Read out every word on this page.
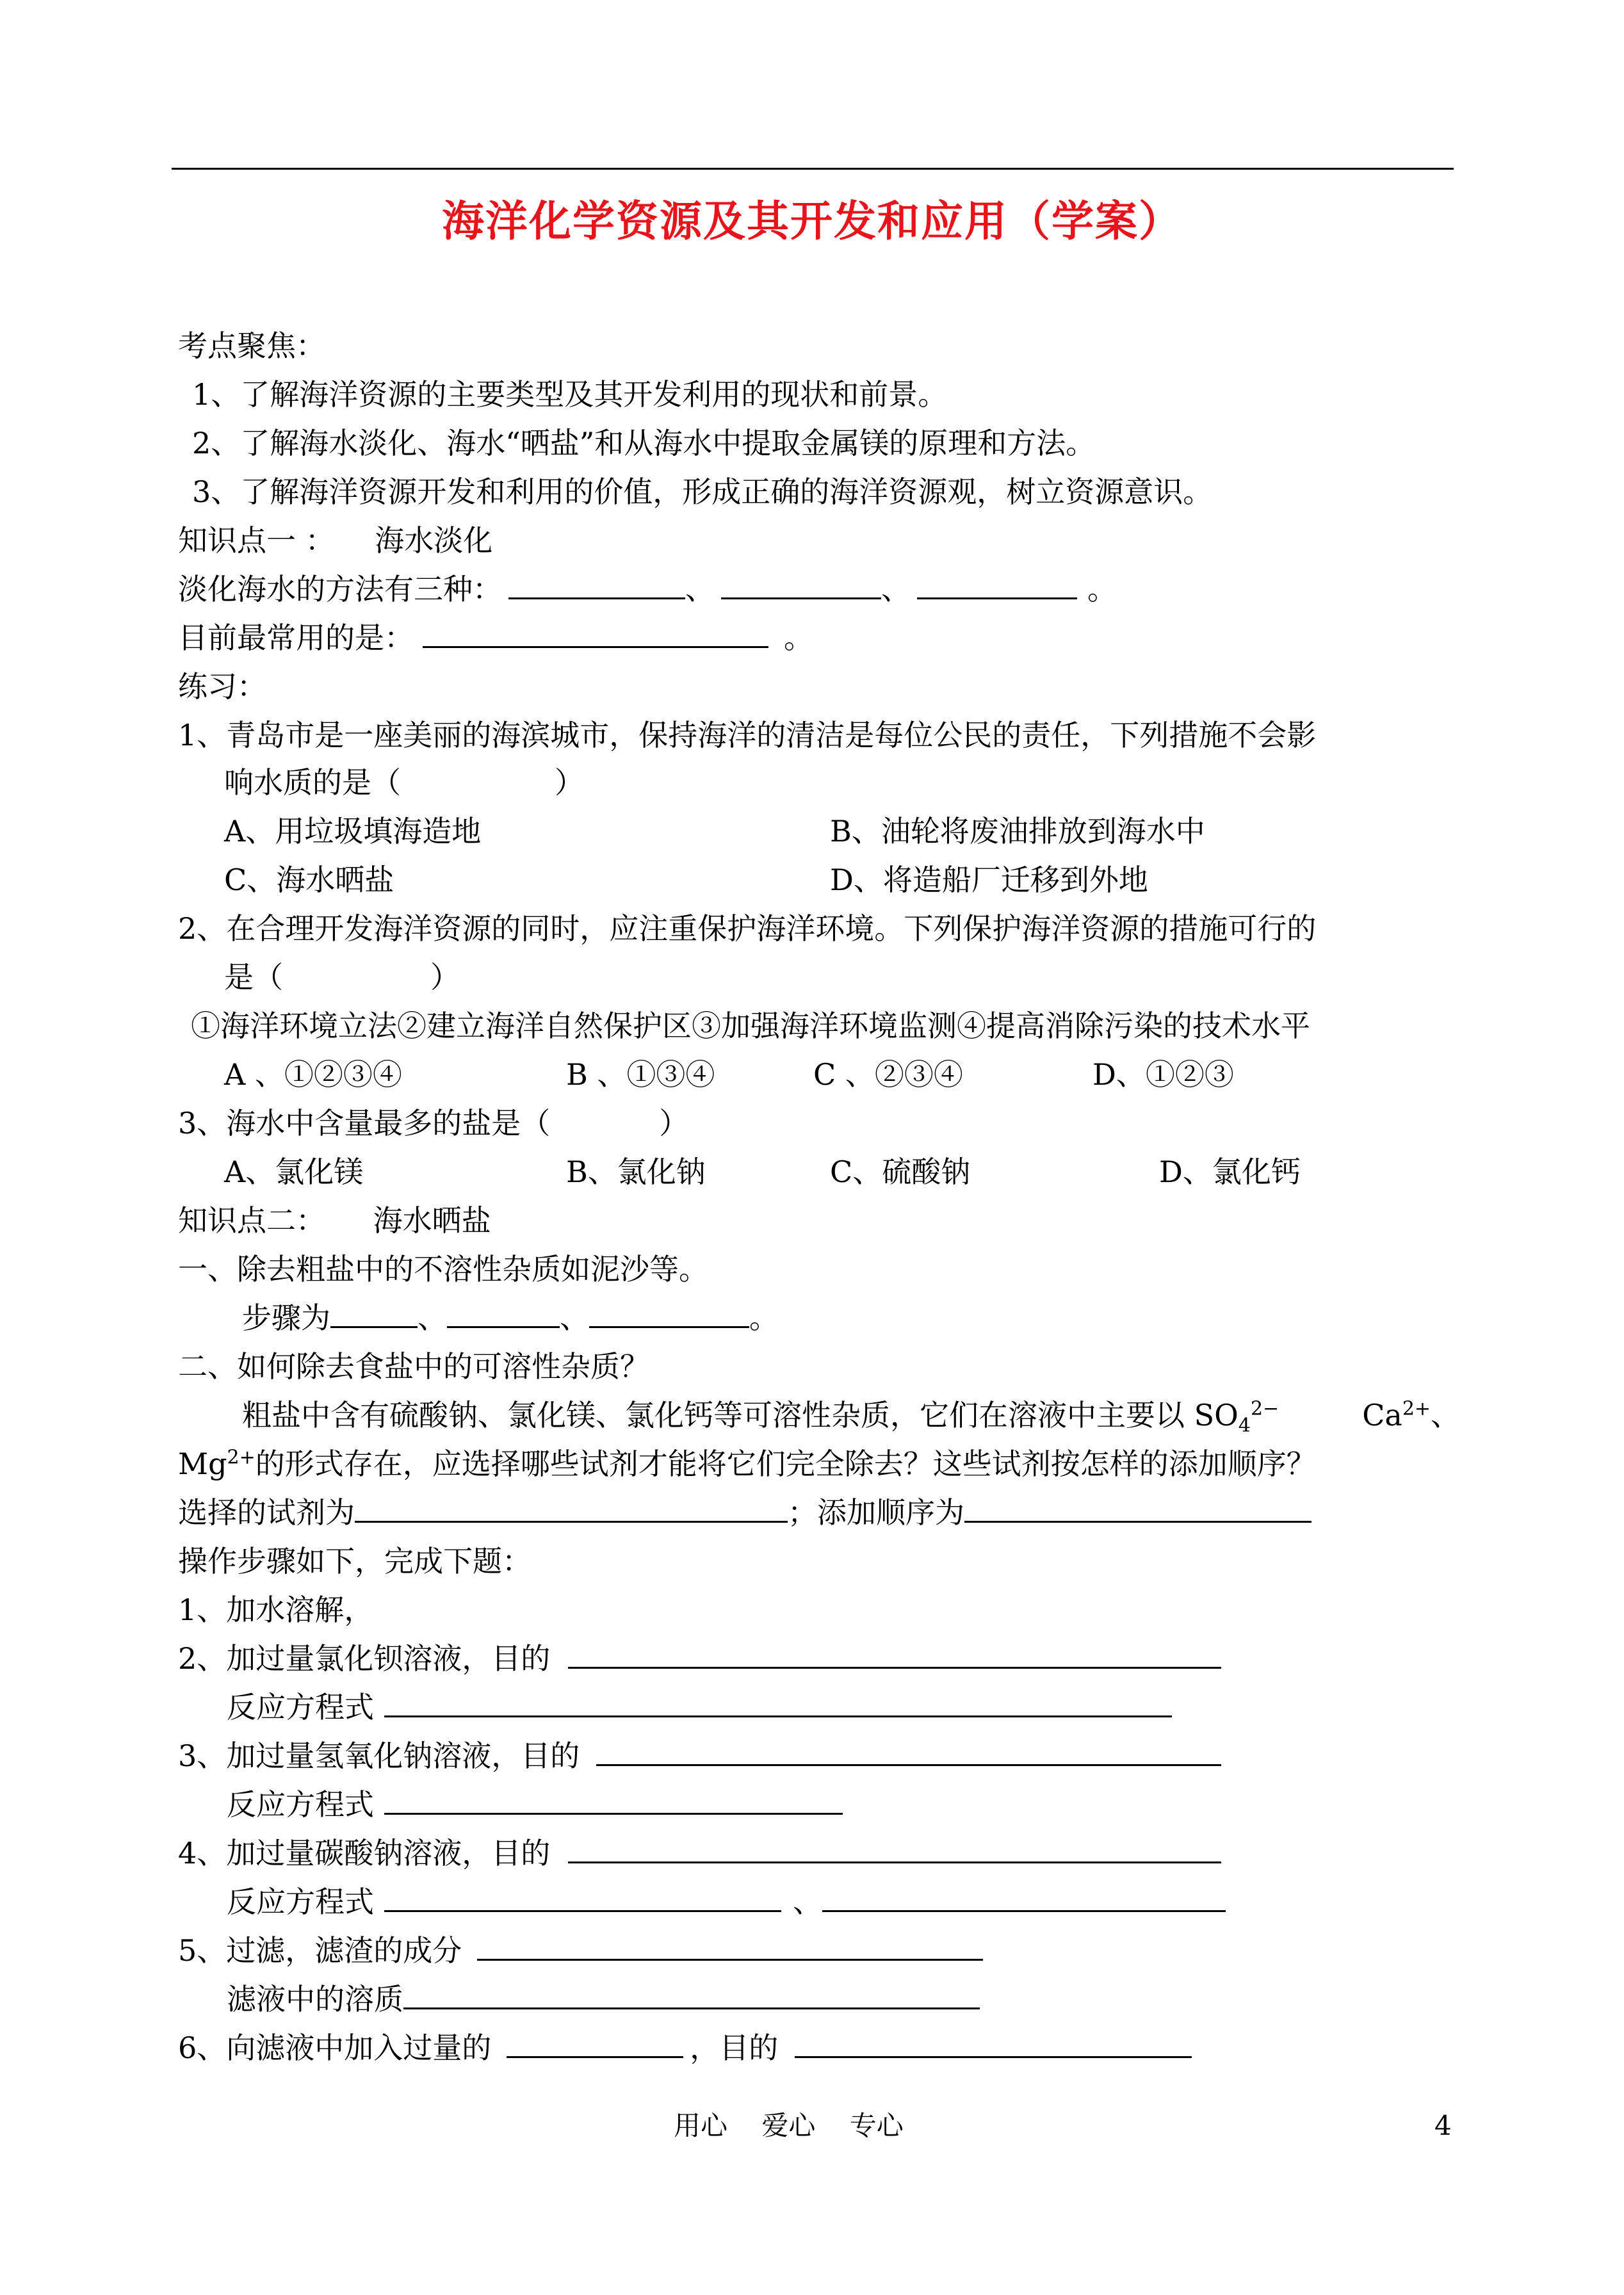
海洋化学资源及其开发和应用（学案）
考点聚焦：
1、了解海洋资源的主要类型及其开发利用的现状和前景。
2、了解海水淡化、海水“晒盐”和从海水中提取金属镁的原理和方法。
3、了解海洋资源开发和利用的价值，形成正确的海洋资源观，树立资源意识。
知识点一 ： 海水淡化
淡化海水的方法有三种：	、	、	。
目前最常用的是：	。
练习：
1、青岛市是一座美丽的海滨城市，保持海洋的清洁是每位公民的责任，下列措施不会影
响水质的是（	）
A、用垃圾填海造地	B、油轮将废油排放到海水中
C、海水晒盐	D、将造船厂迁移到外地
2、在合理开发海洋资源的同时，应注重保护海洋环境。下列保护海洋资源的措施可行的
是（	）
①海洋环境立法②建立海洋自然保护区③加强海洋环境监测④提高消除污染的技术水平
A 、①②③④	B 、①③④	C 、②③④	D、①②③
3、海水中含量最多的盐是（	）
A、氯化镁	B、氯化钠	C、硫酸钠	D、氯化钙
知识点二： 海水晒盐
一、除去粗盐中的不溶性杂质如泥沙等。
步骤为	、	、	。
二、如何除去食盐中的可溶性杂质？
粗盐中含有硫酸钠、氯化镁、氯化钙等可溶性杂质，它们在溶液中主要以 $SO_4^{2-}$	$Ca^{2+}$、
$Mg^{2+}$的形式存在，应选择哪些试剂才能将它们完全除去？这些试剂按怎样的添加顺序？
选择的试剂为	；添加顺序为
操作步骤如下，完成下题：
1、加水溶解，
2、加过量氯化钡溶液，目的
反应方程式
3、加过量氢氧化钠溶液，目的
反应方程式
4、加过量碳酸钠溶液，目的
反应方程式	、
5、过滤，滤渣的成分
滤液中的溶质
6、向滤液中加入过量的	，目的
用心    爱心    专心	4
